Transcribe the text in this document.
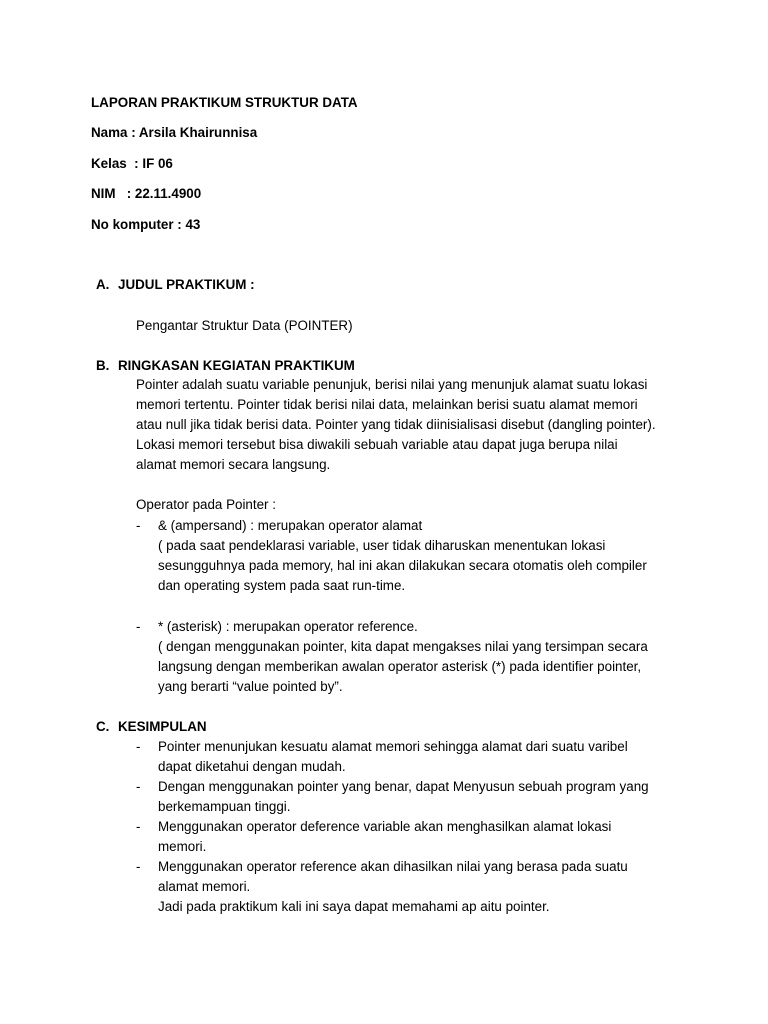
LAPORAN PRAKTIKUM STRUKTUR DATA
Nama : Arsila Khairunnisa
Kelas  : IF 06
NIM   : 22.11.4900
No komputer : 43
A. JUDUL PRAKTIKUM :
Pengantar Struktur Data (POINTER)
B. RINGKASAN KEGIATAN PRAKTIKUM
Pointer adalah suatu variable penunjuk, berisi nilai yang menunjuk alamat suatu lokasi
memori tertentu. Pointer tidak berisi nilai data, melainkan berisi suatu alamat memori
atau null jika tidak berisi data. Pointer yang tidak diinisialisasi disebut (dangling pointer).
Lokasi memori tersebut bisa diwakili sebuah variable atau dapat juga berupa nilai
alamat memori secara langsung.
Operator pada Pointer :
- & (ampersand) : merupakan operator alamat
( pada saat pendeklarasi variable, user tidak diharuskan menentukan lokasi
sesungguhnya pada memory, hal ini akan dilakukan secara otomatis oleh compiler
dan operating system pada saat run-time.
- * (asterisk) : merupakan operator reference.
( dengan menggunakan pointer, kita dapat mengakses nilai yang tersimpan secara
langsung dengan memberikan awalan operator asterisk (*) pada identifier pointer,
yang berarti “value pointed by”.
C. KESIMPULAN
- Pointer menunjukan kesuatu alamat memori sehingga alamat dari suatu varibel
dapat diketahui dengan mudah.
- Dengan menggunakan pointer yang benar, dapat Menyusun sebuah program yang
berkemampuan tinggi.
- Menggunakan operator deference variable akan menghasilkan alamat lokasi
memori.
- Menggunakan operator reference akan dihasilkan nilai yang berasa pada suatu
alamat memori.
Jadi pada praktikum kali ini saya dapat memahami ap aitu pointer.
